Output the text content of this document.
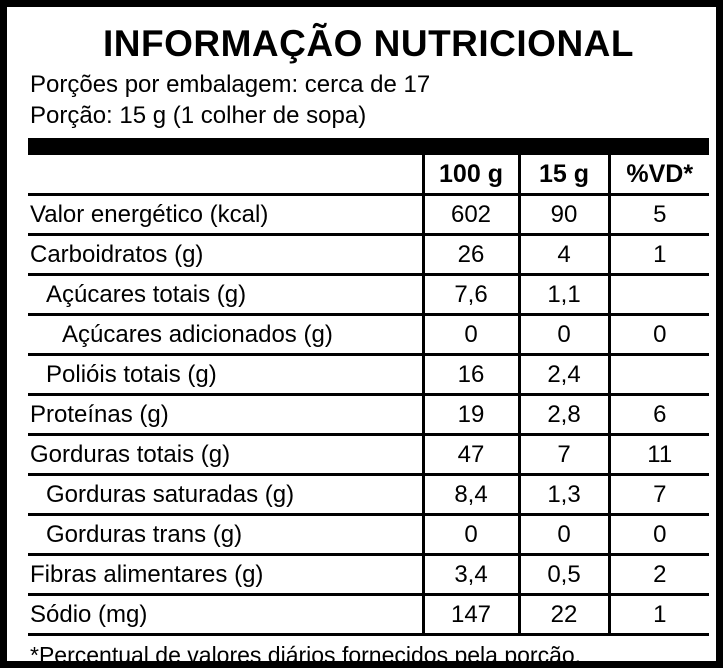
INFORMAÇÃO NUTRICIONAL
Porções por embalagem: cerca de 17
Porção: 15 g (1 colher de sopa)
	100 g	15 g	%VD*
Valor energético (kcal)	602	90	5
Carboidratos (g)	26	4	1
Açúcares totais (g)	7,6	1,1	
Açúcares adicionados (g)	0	0	0
Polióis totais (g)	16	2,4	
Proteínas (g)	19	2,8	6
Gorduras totais (g)	47	7	11
Gorduras saturadas (g)	8,4	1,3	7
Gorduras trans (g)	0	0	0
Fibras alimentares (g)	3,4	0,5	2
Sódio (mg)	147	22	1
*Percentual de valores diários fornecidos pela porção.
